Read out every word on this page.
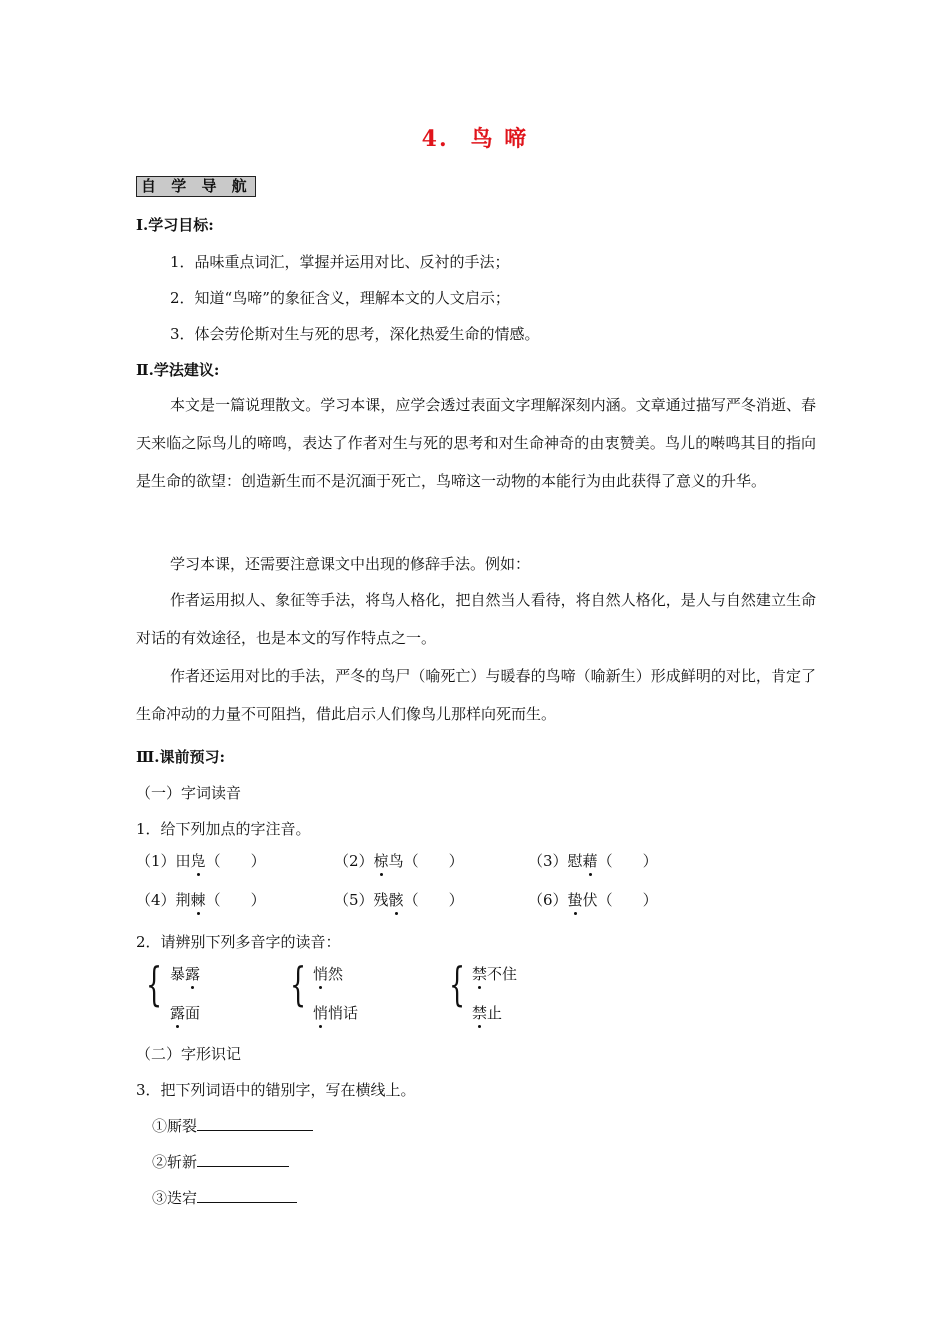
4. 鸟 啼
自 学 导 航
Ⅰ.学习目标:
1．品味重点词汇，掌握并运用对比、反衬的手法；
2．知道“鸟啼”的象征含义，理解本文的人文启示；
3．体会劳伦斯对生与死的思考，深化热爱生命的情感。
Ⅱ.学法建议:
本文是一篇说理散文。学习本课，应学会透过表面文字理解深刻内涵。文章通过描写严冬消逝、春天来临之际鸟儿的啼鸣，表达了作者对生与死的思考和对生命神奇的由衷赞美。鸟儿的啭鸣其目的指向是生命的欲望：创造新生而不是沉湎于死亡，鸟啼这一动物的本能行为由此获得了意义的升华。
学习本课，还需要注意课文中出现的修辞手法。例如：
作者运用拟人、象征等手法，将鸟人格化，把自然当人看待，将自然人格化，是人与自然建立生命对话的有效途径，也是本文的写作特点之一。
作者还运用对比的手法，严冬的鸟尸（喻死亡）与暖春的鸟啼（喻新生）形成鲜明的对比，肯定了生命冲动的力量不可阻挡，借此启示人们像鸟儿那样向死而生。
Ⅲ.课前预习:
（一）字词读音
1．给下列加点的字注音。
（1）田凫（　　）	（2）椋鸟（　　）	（3）慰藉（　　）
（4）荆棘（　　）	（5）残骸（　　）	（6）蛰伏（　　）
2．请辨别下列多音字的读音：
{ 暴露
露面
{ 悄然
悄悄话
{ 禁不住
禁止
（二）字形识记
3．把下列词语中的错别字，写在横线上。
①厮裂
②斩新
③迭宕
